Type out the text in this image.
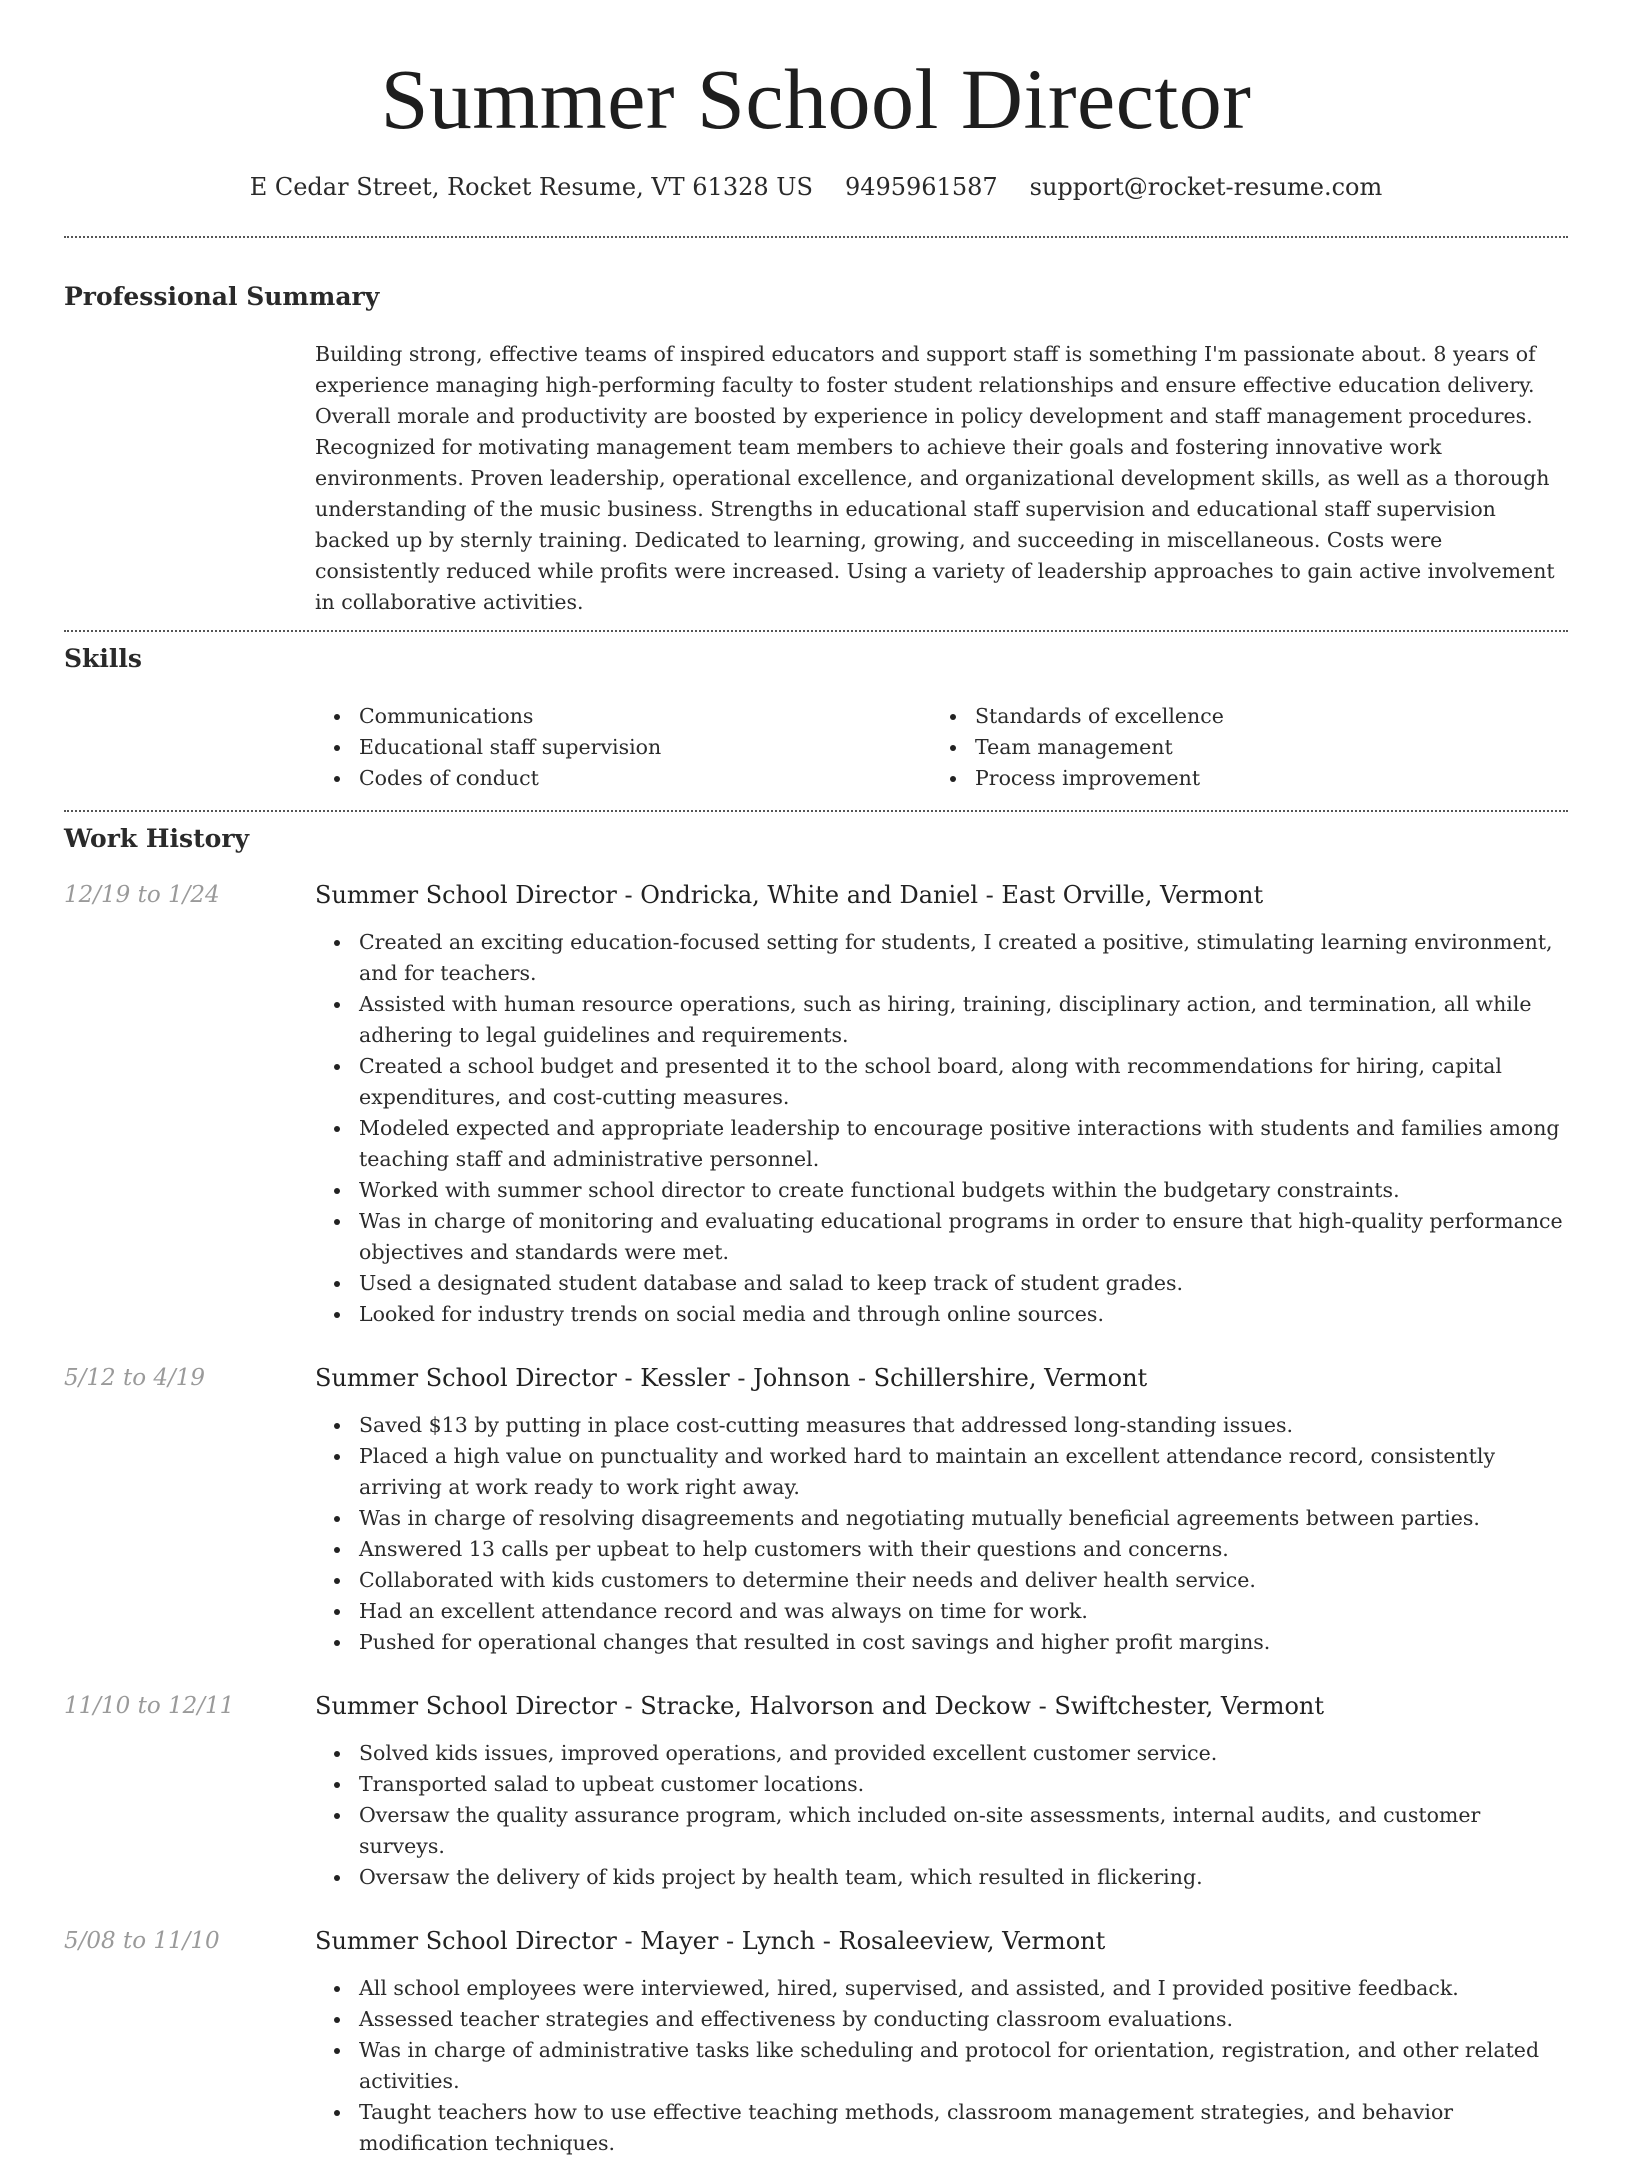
Summer School Director
E Cedar Street, Rocket Resume, VT 61328 US 9495961587 support@rocket-resume.com
Professional Summary

Building strong, effective teams of inspired educators and support staff is something I'm passionate about. 8 years of experience managing high-performing faculty to foster student relationships and ensure effective education delivery. Overall morale and productivity are boosted by experience in policy development and staff management procedures. Recognized for motivating management team members to achieve their goals and fostering innovative work environments. Proven leadership, operational excellence, and organizational development skills, as well as a thorough understanding of the music business. Strengths in educational staff supervision and educational staff supervision backed up by sternly training. Dedicated to learning, growing, and succeeding in miscellaneous. Costs were consistently reduced while profits were increased. Using a variety of leadership approaches to gain active involvement in collaborative activities.

Skills
Communications
Educational staff supervision
Codes of conduct
Standards of excellence
Team management
Process improvement
Work History
12/19 to 1/24	Summer School Director - Ondricka, White and Daniel - East Orville, Vermont
Created an exciting education-focused setting for students, I created a positive, stimulating learning environment, and for teachers.
Assisted with human resource operations, such as hiring, training, disciplinary action, and termination, all while adhering to legal guidelines and requirements.
Created a school budget and presented it to the school board, along with recommendations for hiring, capital expenditures, and cost-cutting measures.
Modeled expected and appropriate leadership to encourage positive interactions with students and families among teaching staff and administrative personnel.
Worked with summer school director to create functional budgets within the budgetary constraints.
Was in charge of monitoring and evaluating educational programs in order to ensure that high-quality performance objectives and standards were met.
Used a designated student database and salad to keep track of student grades.
Looked for industry trends on social media and through online sources.
5/12 to 4/19	Summer School Director - Kessler - Johnson - Schillershire, Vermont
Saved $13 by putting in place cost-cutting measures that addressed long-standing issues.
Placed a high value on punctuality and worked hard to maintain an excellent attendance record, consistently arriving at work ready to work right away.
Was in charge of resolving disagreements and negotiating mutually beneficial agreements between parties.
Answered 13 calls per upbeat to help customers with their questions and concerns.
Collaborated with kids customers to determine their needs and deliver health service.
Had an excellent attendance record and was always on time for work.
Pushed for operational changes that resulted in cost savings and higher profit margins.
11/10 to 12/11	Summer School Director - Stracke, Halvorson and Deckow - Swiftchester, Vermont
Solved kids issues, improved operations, and provided excellent customer service.
Transported salad to upbeat customer locations.
Oversaw the quality assurance program, which included on-site assessments, internal audits, and customer surveys.
Oversaw the delivery of kids project by health team, which resulted in flickering.
5/08 to 11/10	Summer School Director - Mayer - Lynch - Rosaleeview, Vermont
All school employees were interviewed, hired, supervised, and assisted, and I provided positive feedback.
Assessed teacher strategies and effectiveness by conducting classroom evaluations.
Was in charge of administrative tasks like scheduling and protocol for orientation, registration, and other related activities.
Taught teachers how to use effective teaching methods, classroom management strategies, and behavior modification techniques.
